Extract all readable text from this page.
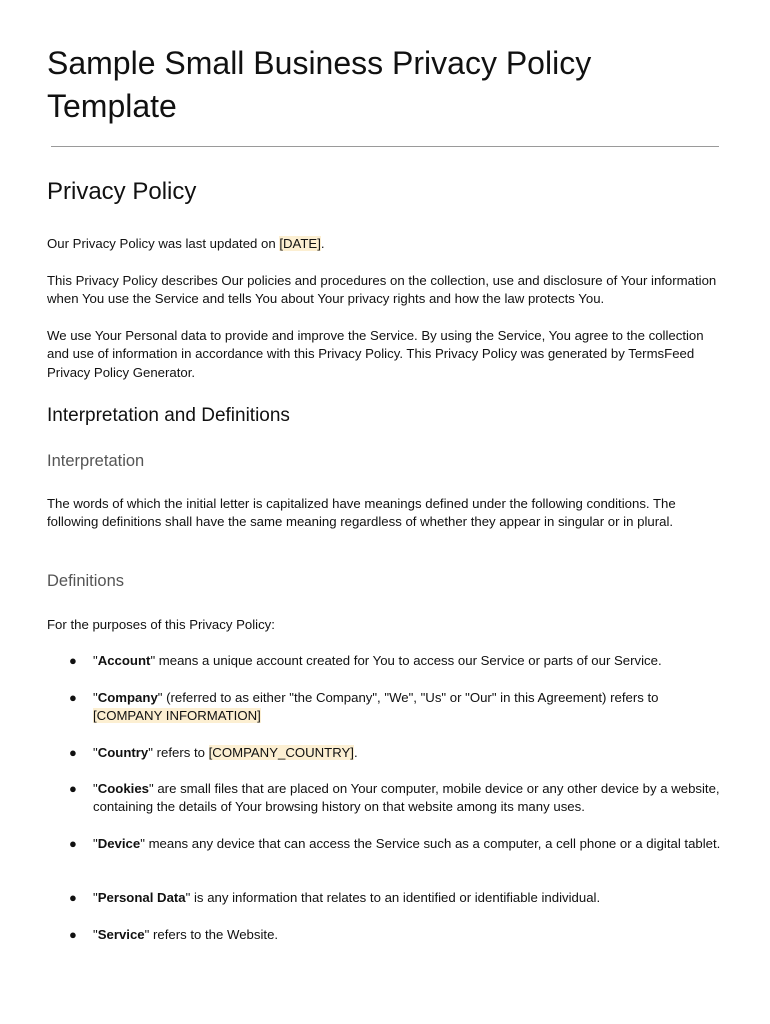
Sample Small Business Privacy Policy Template
Privacy Policy

Our Privacy Policy was last updated on [DATE].

This Privacy Policy describes Our policies and procedures on the collection, use and disclosure of Your information when You use the Service and tells You about Your privacy rights and how the law protects You.

We use Your Personal data to provide and improve the Service. By using the Service, You agree to the collection and use of information in accordance with this Privacy Policy. This Privacy Policy was generated by TermsFeed Privacy Policy Generator.

Interpretation and Definitions
Interpretation

The words of which the initial letter is capitalized have meanings defined under the following conditions. The following definitions shall have the same meaning regardless of whether they appear in singular or in plural.

Definitions

For the purposes of this Privacy Policy:

● "Account" means a unique account created for You to access our Service or parts of our Service.
● "Company" (referred to as either "the Company", "We", "Us" or "Our" in this Agreement) refers to [COMPANY INFORMATION]
● "Country" refers to [COMPANY_COUNTRY].
● "Cookies" are small files that are placed on Your computer, mobile device or any other device by a website, containing the details of Your browsing history on that website among its many uses.
● "Device" means any device that can access the Service such as a computer, a cell phone or a digital tablet.
● "Personal Data" is any information that relates to an identified or identifiable individual.
● "Service" refers to the Website.
